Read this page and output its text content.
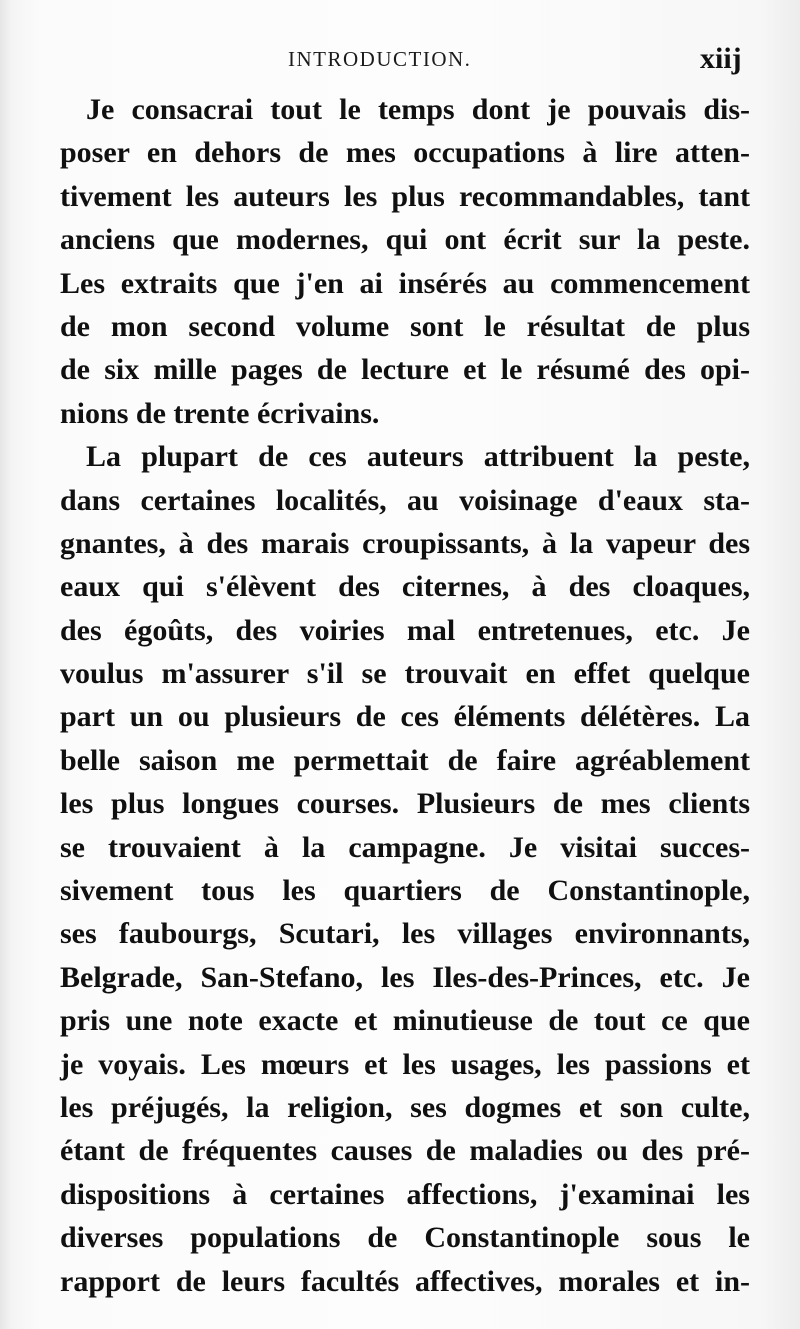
INTRODUCTION.	xiij
Je consacrai tout le temps dont je pouvais dis-
poser en dehors de mes occupations à lire atten-
tivement les auteurs les plus recommandables, tant
anciens que modernes, qui ont écrit sur la peste.
Les extraits que j'en ai insérés au commencement
de mon second volume sont le résultat de plus
de six mille pages de lecture et le résumé des opi-
nions de trente écrivains.
La plupart de ces auteurs attribuent la peste,
dans certaines localités, au voisinage d'eaux sta-
gnantes, à des marais croupissants, à la vapeur des
eaux qui s'élèvent des citernes, à des cloaques,
des égoûts, des voiries mal entretenues, etc. Je
voulus m'assurer s'il se trouvait en effet quelque
part un ou plusieurs de ces éléments délétères. La
belle saison me permettait de faire agréablement
les plus longues courses. Plusieurs de mes clients
se trouvaient à la campagne. Je visitai succes-
sivement tous les quartiers de Constantinople,
ses faubourgs, Scutari, les villages environnants,
Belgrade, San-Stefano, les Iles-des-Princes, etc. Je
pris une note exacte et minutieuse de tout ce que
je voyais. Les mœurs et les usages, les passions et
les préjugés, la religion, ses dogmes et son culte,
étant de fréquentes causes de maladies ou des pré-
dispositions à certaines affections, j'examinai les
diverses populations de Constantinople sous le
rapport de leurs facultés affectives, morales et in-
